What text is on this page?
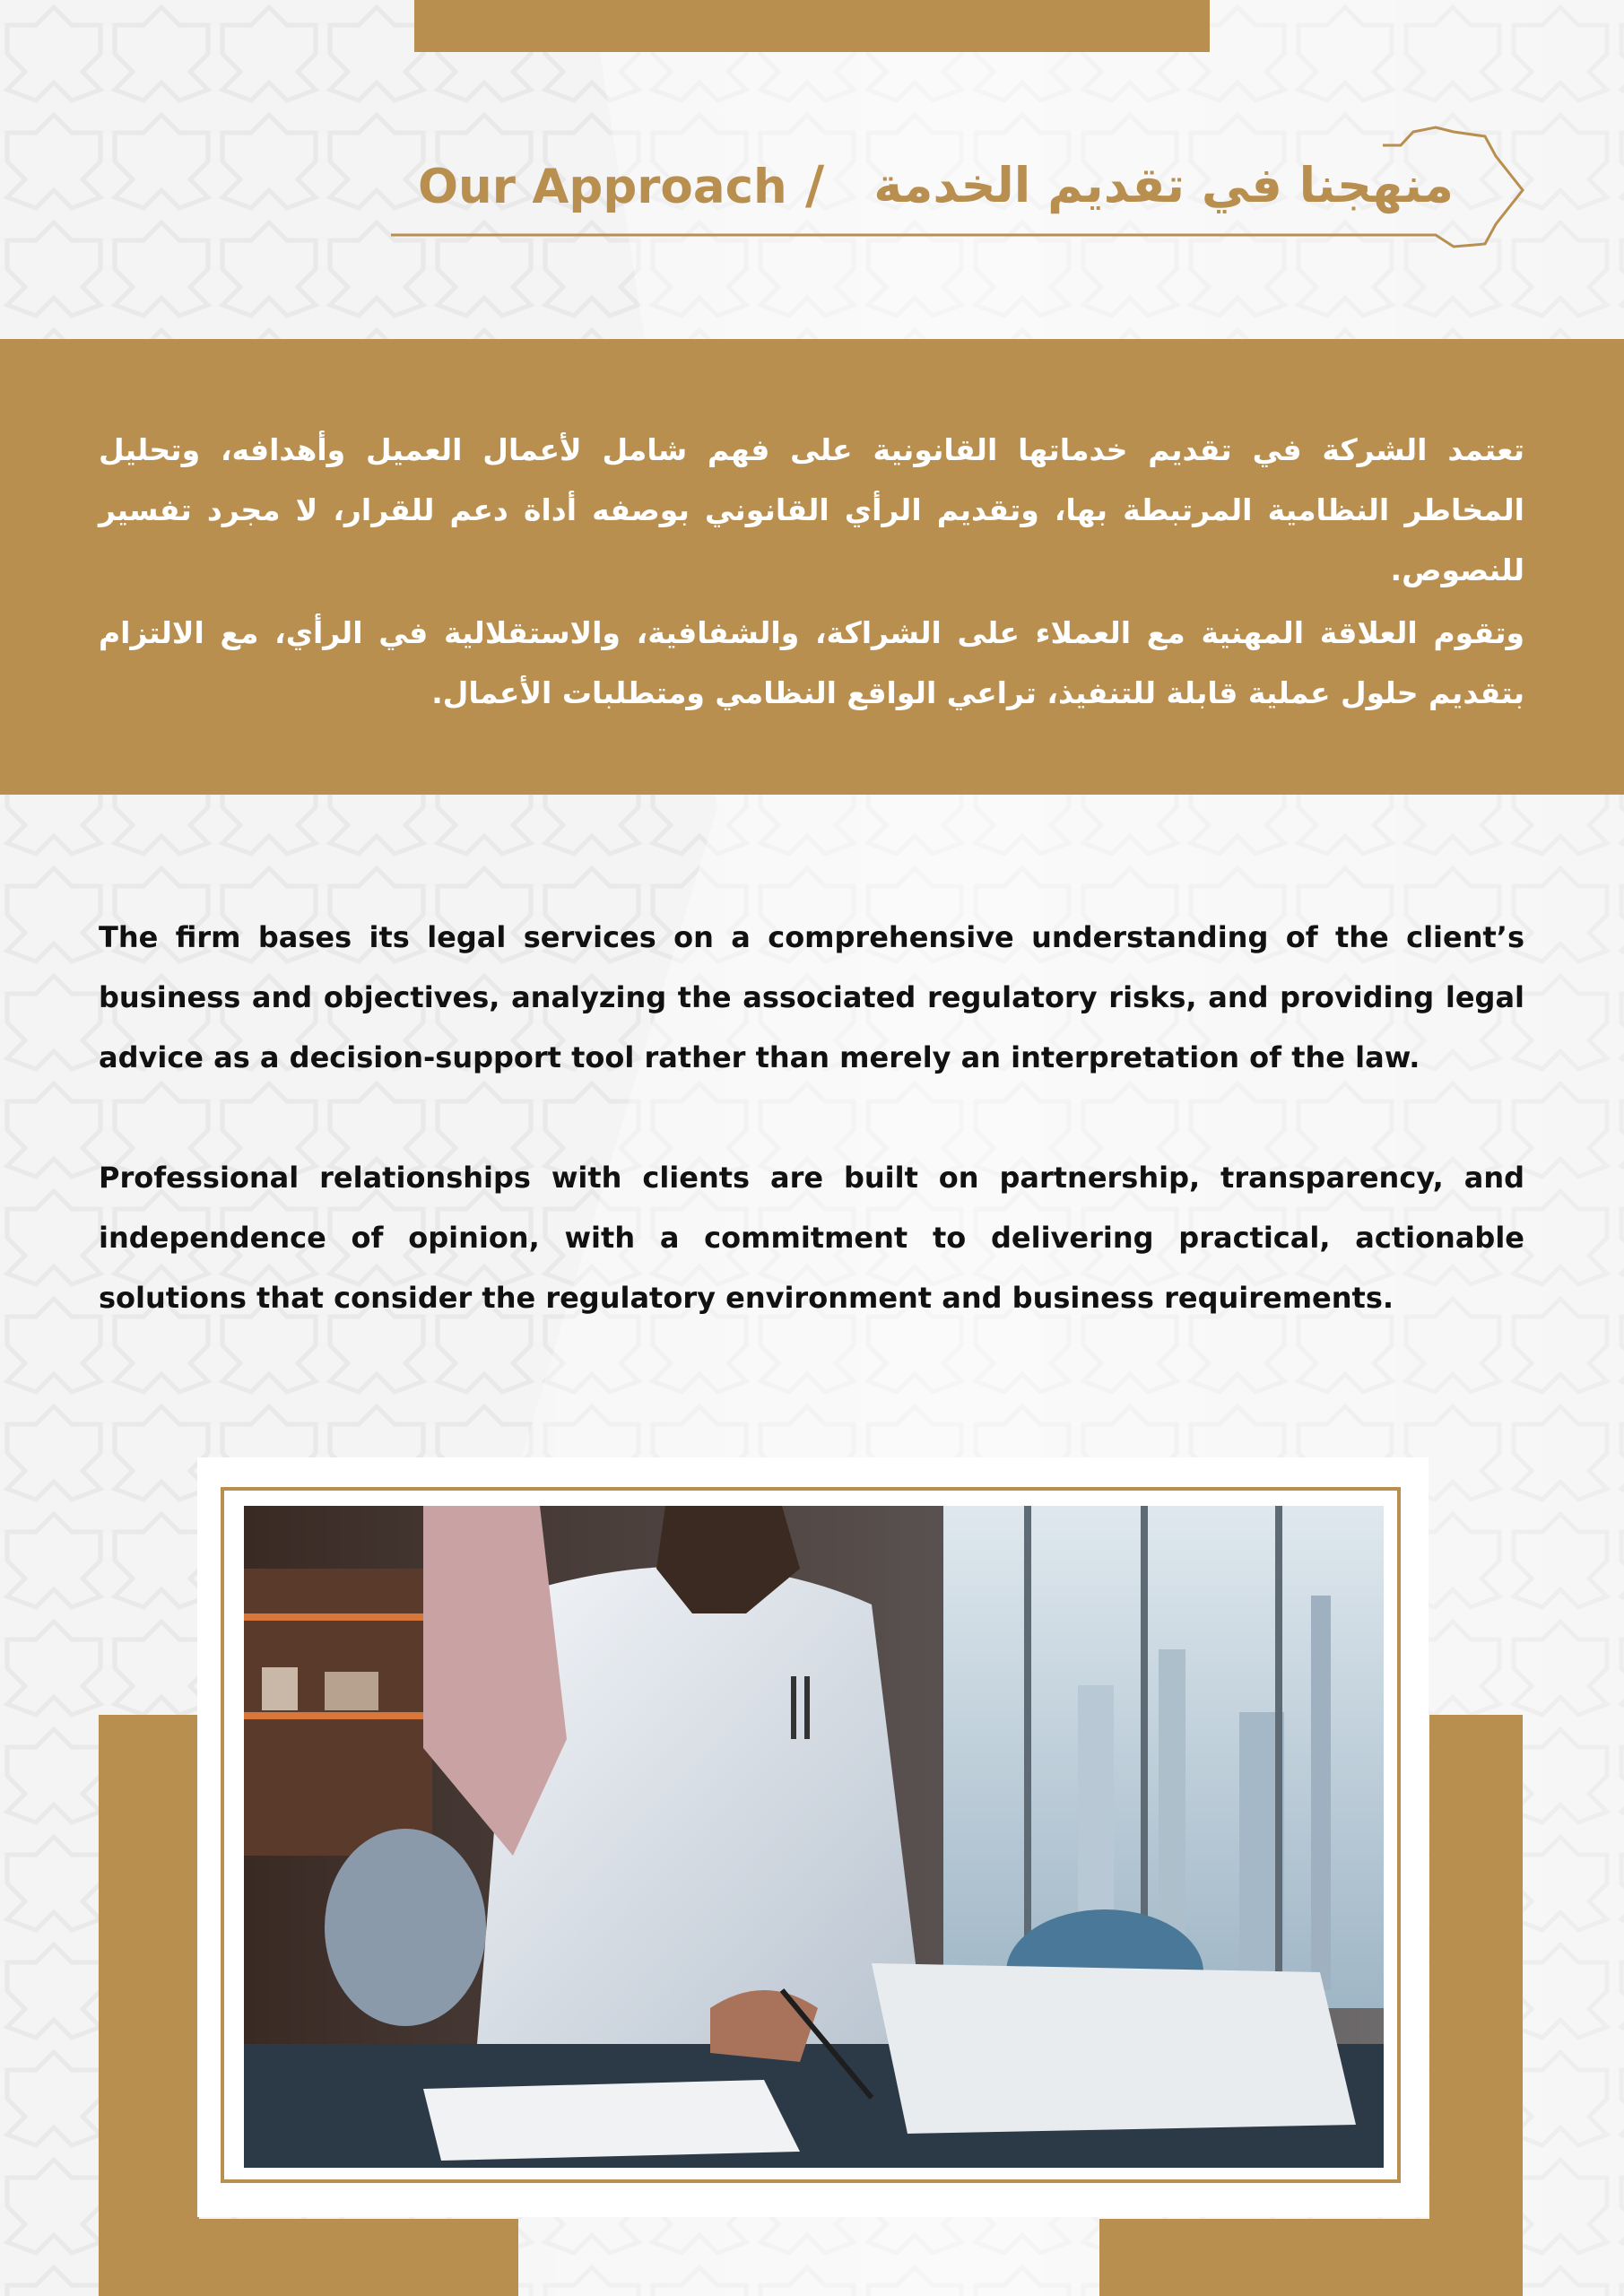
Our Approach / منهجنا في تقديم الخدمة
تعتمد الشركة في تقديم خدماتها القانونية على فهم شامل لأعمال العميل وأهدافه، وتحليل المخاطر النظامية المرتبطة بها، وتقديم الرأي القانوني بوصفه أداة دعم للقرار، لا مجرد تفسير للنصوص.
وتقوم العلاقة المهنية مع العملاء على الشراكة، والشفافية، والاستقلالية في الرأي، مع الالتزام بتقديم حلول عملية قابلة للتنفيذ، تراعي الواقع النظامي ومتطلبات الأعمال.
The firm bases its legal services on a comprehensive understanding of the client’s business and objectives, analyzing the associated regulatory risks, and providing legal advice as a decision-support tool rather than merely an interpretation of the law.
Professional relationships with clients are built on partnership, transparency, and independence of opinion, with a commitment to delivering practical, actionable solutions that consider the regulatory environment and business requirements.
